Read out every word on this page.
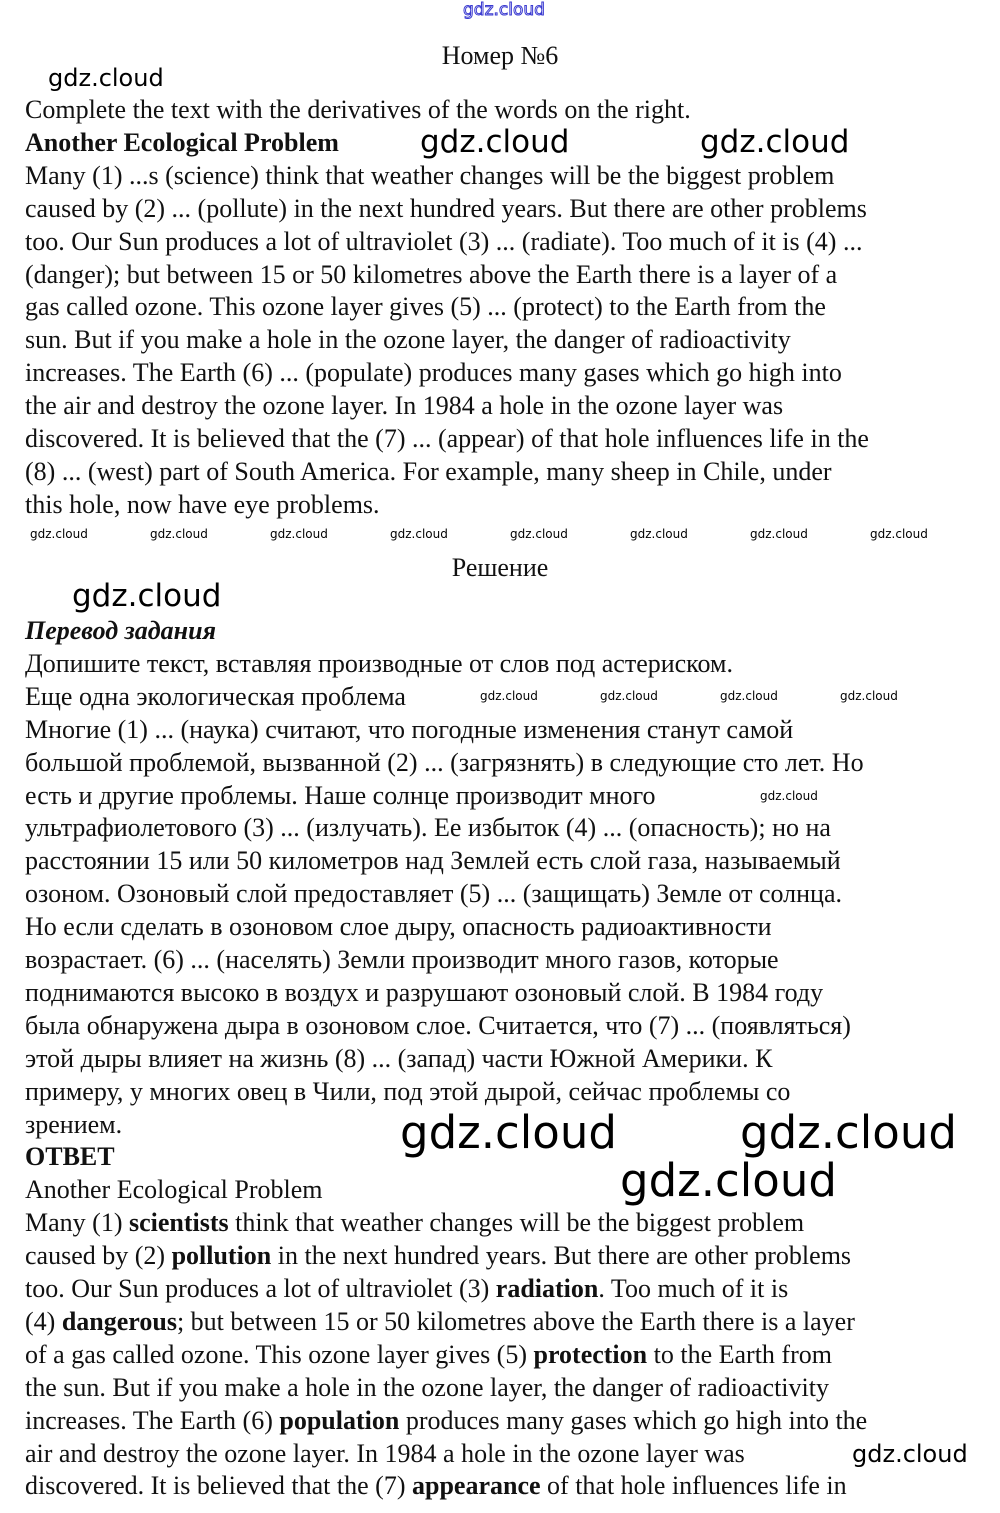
Номер №6
Complete the text with the derivatives of the words on the right.
Another Ecological Problem
Many (1) ...s (science) think that weather changes will be the biggest problem
caused by (2) ... (pollute) in the next hundred years. But there are other problems
too. Our Sun produces a lot of ultraviolet (3) ... (radiate). Too much of it is (4) ...
(danger); but between 15 or 50 kilometres above the Earth there is a layer of a
gas called ozone. This ozone layer gives (5) ... (protect) to the Earth from the
sun. But if you make a hole in the ozone layer, the danger of radioactivity
increases. The Earth (6) ... (populate) produces many gases which go high into
the air and destroy the ozone layer. In 1984 a hole in the ozone layer was
discovered. It is believed that the (7) ... (appear) of that hole influences life in the
(8) ... (west) part of South America. For example, many sheep in Chile, under
this hole, now have eye problems.
Решение
Перевод задания
Допишите текст, вставляя производные от слов под астериском.
Еще одна экологическая проблема
Многие (1) ... (наука) считают, что погодные изменения станут самой
большой проблемой, вызванной (2) ... (загрязнять) в следующие сто лет. Но
есть и другие проблемы. Наше солнце производит много
ультрафиолетового (3) ... (излучать). Ее избыток (4) ... (опасность); но на
расстоянии 15 или 50 километров над Землей есть слой газа, называемый
озоном. Озоновый слой предоставляет (5) ... (защищать) Земле от солнца.
Но если сделать в озоновом слое дыру, опасность радиоактивности
возрастает. (6) ... (населять) Земли производит много газов, которые
поднимаются высоко в воздух и разрушают озоновый слой. В 1984 году
была обнаружена дыра в озоновом слое. Считается, что (7) ... (появляться)
этой дыры влияет на жизнь (8) ... (запад) части Южной Америки. К
примеру, у многих овец в Чили, под этой дырой, сейчас проблемы со
зрением.
ОТВЕТ
Another Ecological Problem
Many (1) scientists think that weather changes will be the biggest problem
caused by (2) pollution in the next hundred years. But there are other problems
too. Our Sun produces a lot of ultraviolet (3) radiation. Too much of it is
(4) dangerous; but between 15 or 50 kilometres above the Earth there is a layer
of a gas called ozone. This ozone layer gives (5) protection to the Earth from
the sun. But if you make a hole in the ozone layer, the danger of radioactivity
increases. The Earth (6) population produces many gases which go high into the
air and destroy the ozone layer. In 1984 a hole in the ozone layer was
discovered. It is believed that the (7) appearance of that hole influences life in
gdz.cloud
gdz.cloud
gdz.cloud	gdz.cloud
gdz.cloud	gdz.cloud	gdz.cloud	gdz.cloud	gdz.cloud	gdz.cloud	gdz.cloud	gdz.cloud
gdz.cloud
gdz.cloud
gdz.cloud
gdz.cloud	gdz.cloud
gdz.cloud	gdz.cloud	gdz.cloud	gdz.cloud
gdz.cloud
